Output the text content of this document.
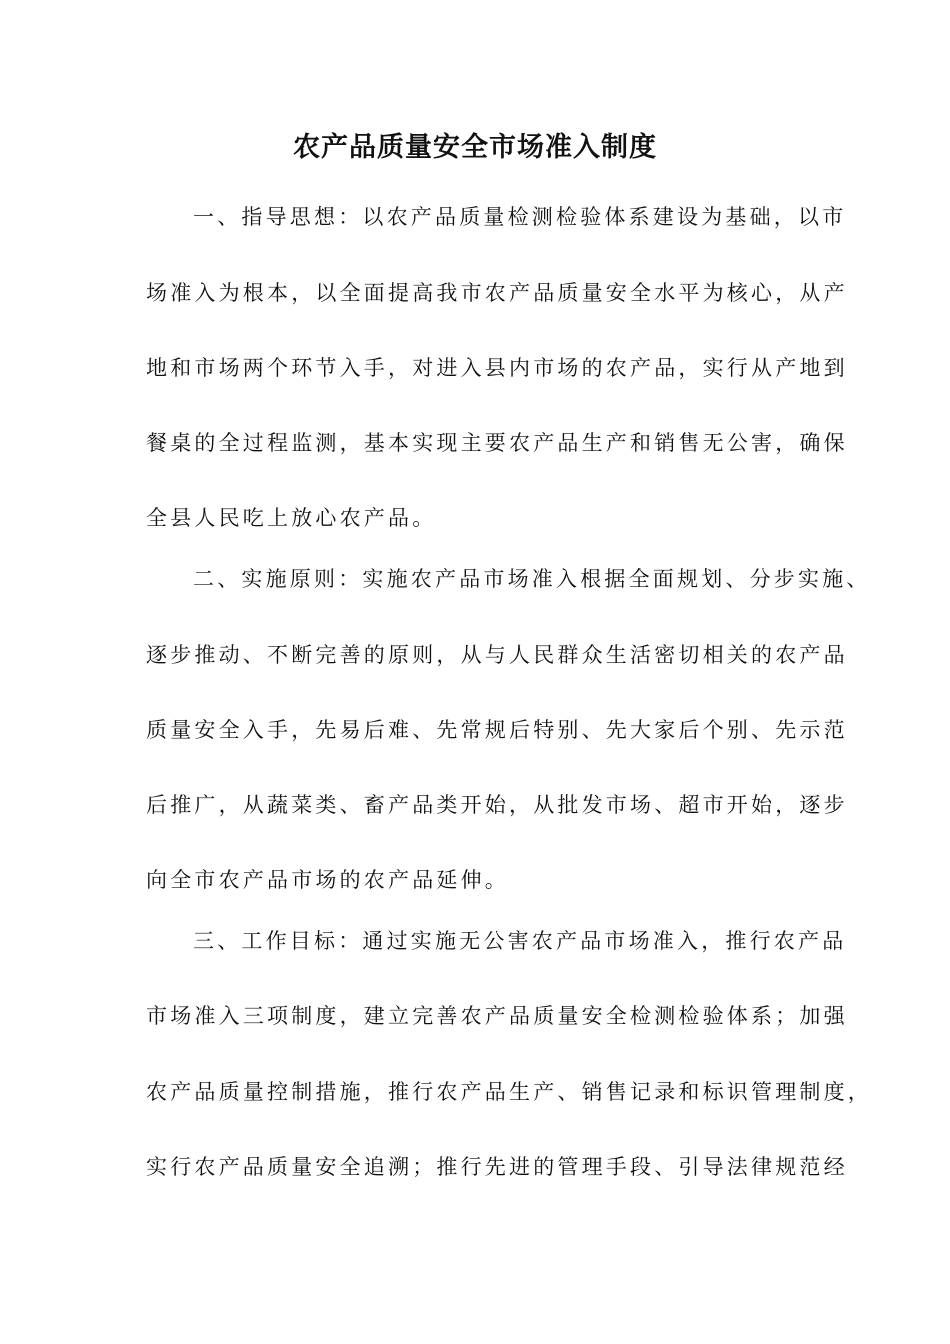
农产品质量安全市场准入制度
一、指导思想：以农产品质量检测检验体系建设为基础，以市
场准入为根本，以全面提高我市农产品质量安全水平为核心，从产
地和市场两个环节入手，对进入县内市场的农产品，实行从产地到
餐桌的全过程监测，基本实现主要农产品生产和销售无公害，确保
全县人民吃上放心农产品。
二、实施原则：实施农产品市场准入根据全面规划、分步实施、
逐步推动、不断完善的原则，从与人民群众生活密切相关的农产品
质量安全入手，先易后难、先常规后特别、先大家后个别、先示范
后推广，从蔬菜类、畜产品类开始，从批发市场、超市开始，逐步
向全市农产品市场的农产品延伸。
三、工作目标：通过实施无公害农产品市场准入，推行农产品
市场准入三项制度，建立完善农产品质量安全检测检验体系；加强
农产品质量控制措施，推行农产品生产、销售记录和标识管理制度，
实行农产品质量安全追溯；推行先进的管理手段、引导法律规范经
